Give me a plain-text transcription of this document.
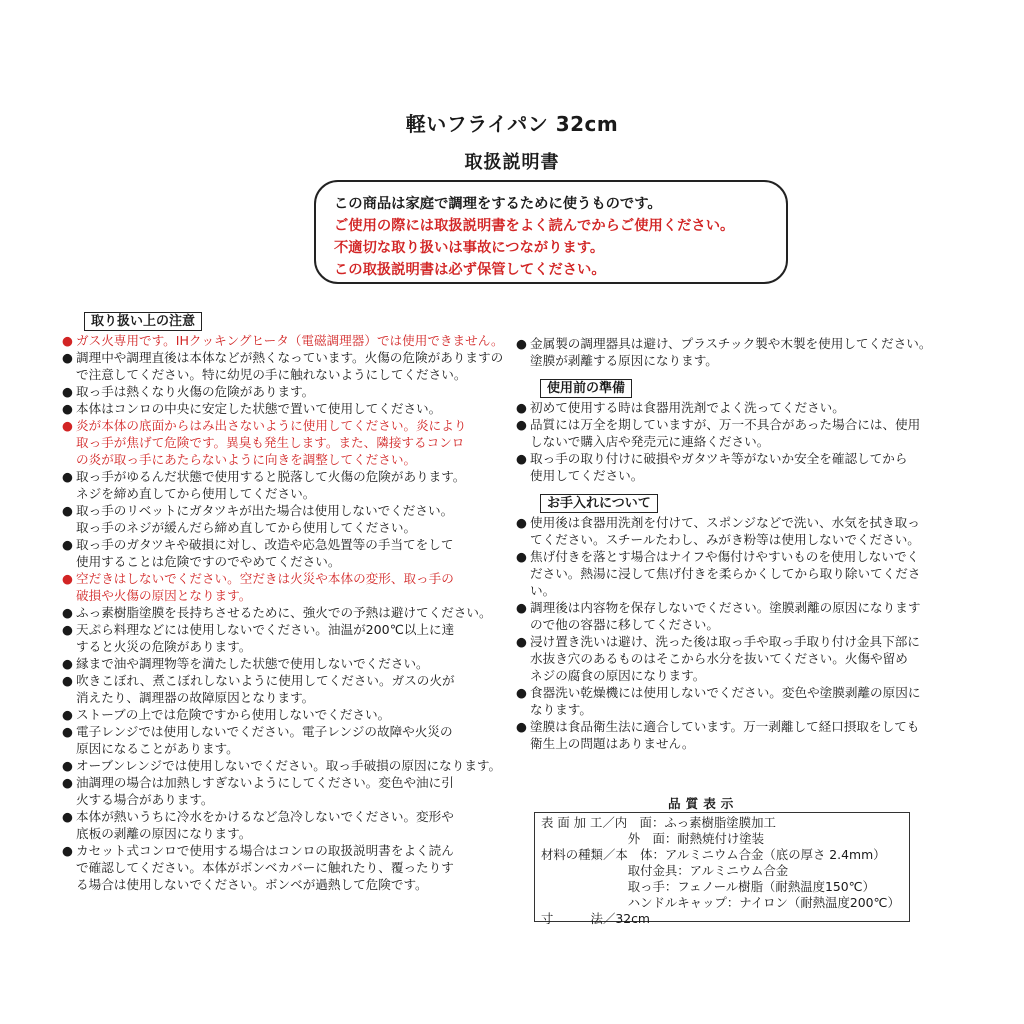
軽いフライパン 32cm
取扱説明書
この商品は家庭で調理をするために使うものです。
ご使用の際には取扱説明書をよく読んでからご使用ください。
不適切な取り扱いは事故につながります。
この取扱説明書は必ず保管してください。
取り扱い上の注意
● ガス火専用です。IHクッキングヒータ（電磁調理器）では使用できません。
● 調理中や調理直後は本体などが熱くなっています。火傷の危険がありますの
で注意してください。特に幼児の手に触れないようにしてください。
● 取っ手は熱くなり火傷の危険があります。
● 本体はコンロの中央に安定した状態で置いて使用してください。
● 炎が本体の底面からはみ出さないように使用してください。炎により
取っ手が焦げて危険です。異臭も発生します。また、隣接するコンロ
の炎が取っ手にあたらないように向きを調整してください。
● 取っ手がゆるんだ状態で使用すると脱落して火傷の危険があります。
ネジを締め直してから使用してください。
● 取っ手のリベットにガタツキが出た場合は使用しないでください。
取っ手のネジが緩んだら締め直してから使用してください。
● 取っ手のガタツキや破損に対し、改造や応急処置等の手当てをして
使用することは危険ですのでやめてください。
● 空だきはしないでください。空だきは火災や本体の変形、取っ手の
破損や火傷の原因となります。
● ふっ素樹脂塗膜を長持ちさせるために、強火での予熱は避けてください。
● 天ぷら料理などには使用しないでください。油温が200℃以上に達
すると火災の危険があります。
● 縁まで油や調理物等を満たした状態で使用しないでください。
● 吹きこぼれ、煮こぼれしないように使用してください。ガスの火が
消えたり、調理器の故障原因となります。
● ストーブの上では危険ですから使用しないでください。
● 電子レンジでは使用しないでください。電子レンジの故障や火災の
原因になることがあります。
● オーブンレンジでは使用しないでください。取っ手破損の原因になります。
● 油調理の場合は加熱しすぎないようにしてください。変色や油に引
火する場合があります。
● 本体が熱いうちに冷水をかけるなど急冷しないでください。変形や
底板の剥離の原因になります。
● カセット式コンロで使用する場合はコンロの取扱説明書をよく読ん
で確認してください。本体がボンベカバーに触れたり、覆ったりす
る場合は使用しないでください。ボンベが過熱して危険です。
● 金属製の調理器具は避け、プラスチック製や木製を使用してください。
塗膜が剥離する原因になります。
使用前の準備
● 初めて使用する時は食器用洗剤でよく洗ってください。
● 品質には万全を期していますが、万一不具合があった場合には、使用
しないで購入店や発売元に連絡ください。
● 取っ手の取り付けに破損やガタツキ等がないか安全を確認してから
使用してください。
お手入れについて
● 使用後は食器用洗剤を付けて、スポンジなどで洗い、水気を拭き取っ
てください。スチールたわし、みがき粉等は使用しないでください。
● 焦げ付きを落とす場合はナイフや傷付けやすいものを使用しないでく
ださい。熱湯に浸して焦げ付きを柔らかくしてから取り除いてくださ
い。
● 調理後は内容物を保存しないでください。塗膜剥離の原因になります
ので他の容器に移してください。
● 浸け置き洗いは避け、洗った後は取っ手や取っ手取り付け金具下部に
水抜き穴のあるものはそこから水分を抜いてください。火傷や留め
ネジの腐食の原因になります。
● 食器洗い乾燥機には使用しないでください。変色や塗膜剥離の原因に
なります。
● 塗膜は食品衛生法に適合しています。万一剥離して経口摂取をしても
衛生上の問題はありません。
品質表示
表 面 加 工／内　面：ふっ素樹脂塗膜加工
　　　　　　　外　面：耐熱焼付け塗装
材料の種類／本　体：アルミニウム合金（底の厚さ 2.4mm）
　　　　　　　取付金具：アルミニウム合金
　　　　　　　取っ手：フェノール樹脂（耐熱温度150℃）
　　　　　　　ハンドルキャップ：ナイロン（耐熱温度200℃）
寸　　　法／32cm
